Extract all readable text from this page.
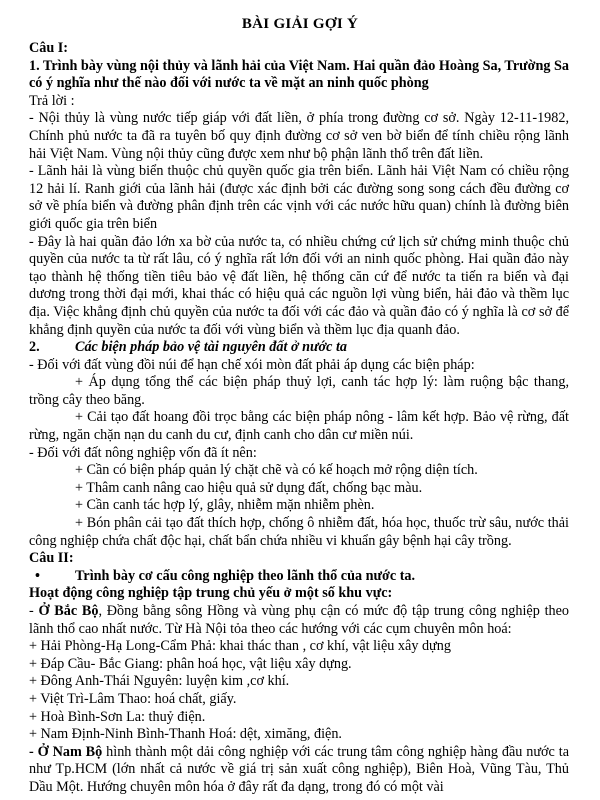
BÀI GIẢI GỢI Ý

Câu I:

1. Trình bày vùng nội thủy và lãnh hải của Việt Nam. Hai quần đảo Hoàng Sa, Trường Sa có ý nghĩa như thế nào đối với nước ta về mặt an ninh quốc phòng

Trả lời :

- Nội thủy là vùng nước tiếp giáp với đất liền, ở phía trong đường cơ sở. Ngày 12-11-1982, Chính phủ nước ta đã ra tuyên bố quy định đường cơ sở ven bờ biển để tính chiều rộng lãnh hải Việt Nam. Vùng nội thủy cũng được xem như bộ phận lãnh thổ trên đất liền.

- Lãnh hải là vùng biển thuộc chủ quyền quốc gia trên biển. Lãnh hải Việt Nam có chiều rộng 12 hải lí. Ranh giới của lãnh hải (được xác định bởi các đường song song cách đều đường cơ sở về phía biển và đường phân định trên các vịnh với các nước hữu quan) chính là đường biên giới quốc gia trên biển

- Đây là hai quần đảo lớn xa bờ của nước ta, có nhiều chứng cứ lịch sử chứng minh thuộc chủ quyền của nước ta từ rất lâu, có ý nghĩa rất lớn đối với an ninh quốc phòng. Hai quần đảo này tạo thành hệ thống tiền tiêu bảo vệ đất liền, hệ thống căn cứ để nước ta tiến ra biển và đại dương trong thời đại mới, khai thác có hiệu quả các nguồn lợi vùng biển, hải đảo và thềm lục địa. Việc khẳng định chủ quyền của nước ta đối với các đảo và quần đảo có ý nghĩa là cơ sở để khẳng định quyền của nước ta đối với vùng biển và thềm lục địa quanh đảo.

2.	Các biện pháp bảo vệ tài nguyên đất ở nước ta

- Đối với đất vùng đồi núi để hạn chế xói mòn đất phải áp dụng các biện pháp:

+ Áp dụng tổng thể các biện pháp thuỷ lợi, canh tác hợp lý: làm ruộng bậc thang, trồng cây theo băng.

+ Cải tạo đất hoang đồi trọc bằng các biện pháp nông - lâm kết hợp. Bảo vệ rừng, đất rừng, ngăn chặn nạn du canh du cư, định canh cho dân cư miền núi.

- Đối với đất nông nghiệp vốn đã ít nên:

+ Cần có biện pháp quản lý chặt chẽ và có kế hoạch mở rộng diện tích.

+ Thâm canh nâng cao hiệu quả sử dụng đất, chống bạc màu.

+ Cần canh tác hợp lý, glây, nhiễm mặn nhiễm phèn.

+ Bón phân cải tạo đất thích hợp, chống ô nhiễm đất, hóa học, thuốc trừ sâu, nước thải công nghiệp chứa chất độc hại, chất bẩn chứa nhiều vi khuẩn gây bệnh hại cây trồng.

Câu II:

•	Trình bày cơ cấu công nghiệp theo lãnh thổ của nước ta.

Hoạt động công nghiệp tập trung chủ yếu ở một số khu vực:

- Ở Bắc Bộ, Đồng bằng sông Hồng và vùng phụ cận có mức độ tập trung công nghiệp theo lãnh thổ cao nhất nước. Từ Hà Nội tỏa theo các hướng với các cụm chuyên môn hoá:

+ Hải Phòng-Hạ Long-Cẩm Phả: khai thác than , cơ khí, vật liệu xây dựng

+ Đáp Cầu- Bắc Giang: phân hoá học, vật liệu xây dựng.

+ Đông Anh-Thái Nguyên: luyện kim ,cơ khí.

+ Việt Trì-Lâm Thao: hoá chất, giấy.

+ Hoà Bình-Sơn La: thuỷ điện.

+ Nam Định-Ninh Bình-Thanh Hoá: dệt, ximăng, điện.

- Ở Nam Bộ hình thành một dải công nghiệp với các trung tâm công nghiệp hàng đầu nước ta như Tp.HCM (lớn nhất cả nước về giá trị sản xuất công nghiệp), Biên Hoà, Vũng Tàu, Thủ Dầu Một. Hướng chuyên môn hóa ở đây rất đa dạng, trong đó có một vài
